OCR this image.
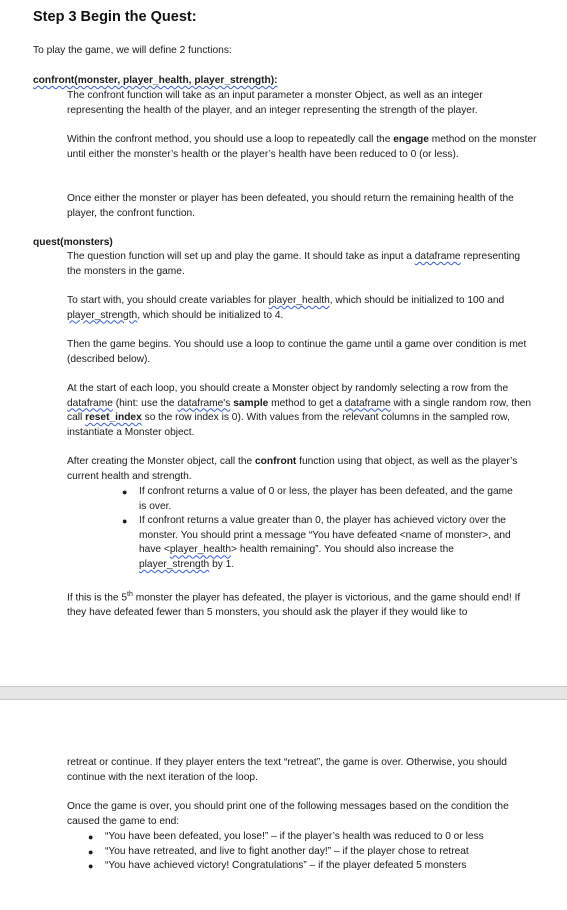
Step 3 Begin the Quest:

To play the game, we will define 2 functions:

confront(monster, player_health, player_strength):

The confront function will take as an input parameter a monster Object, as well as an integer representing the health of the player, and an integer representing the strength of the player.

Within the confront method, you should use a loop to repeatedly call the engage method on the monster until either the monster’s health or the player’s health have been reduced to 0 (or less).

Once either the monster or player has been defeated, you should return the remaining health of the player, the confront function.

quest(monsters)

The question function will set up and play the game. It should take as input a dataframe representing the monsters in the game.

To start with, you should create variables for player_health, which should be initialized to 100 and player_strength, which should be initialized to 4.

Then the game begins. You should use a loop to continue the game until a game over condition is met (described below).

At the start of each loop, you should create a Monster object by randomly selecting a row from the dataframe (hint: use the dataframe's sample method to get a dataframe with a single random row, then call reset_index so the row index is 0). With values from the relevant columns in the sampled row, instantiate a Monster object.

After creating the Monster object, call the confront function using that object, as well as the player’s current health and strength.

● If confront returns a value of 0 or less, the player has been defeated, and the game is over.
● If confront returns a value greater than 0, the player has achieved victory over the monster. You should print a message “You have defeated <name of monster>, and have <player_health> health remaining”. You should also increase the player_strength by 1.

If this is the 5th monster the player has defeated, the player is victorious, and the game should end! If they have defeated fewer than 5 monsters, you should ask the player if they would like to

retreat or continue. If they player enters the text “retreat”, the game is over. Otherwise, you should continue with the next iteration of the loop.

Once the game is over, you should print one of the following messages based on the condition the caused the game to end:

● “You have been defeated, you lose!” – if the player’s health was reduced to 0 or less
● “You have retreated, and live to fight another day!” – if the player chose to retreat
● “You have achieved victory! Congratulations” – if the player defeated 5 monsters
